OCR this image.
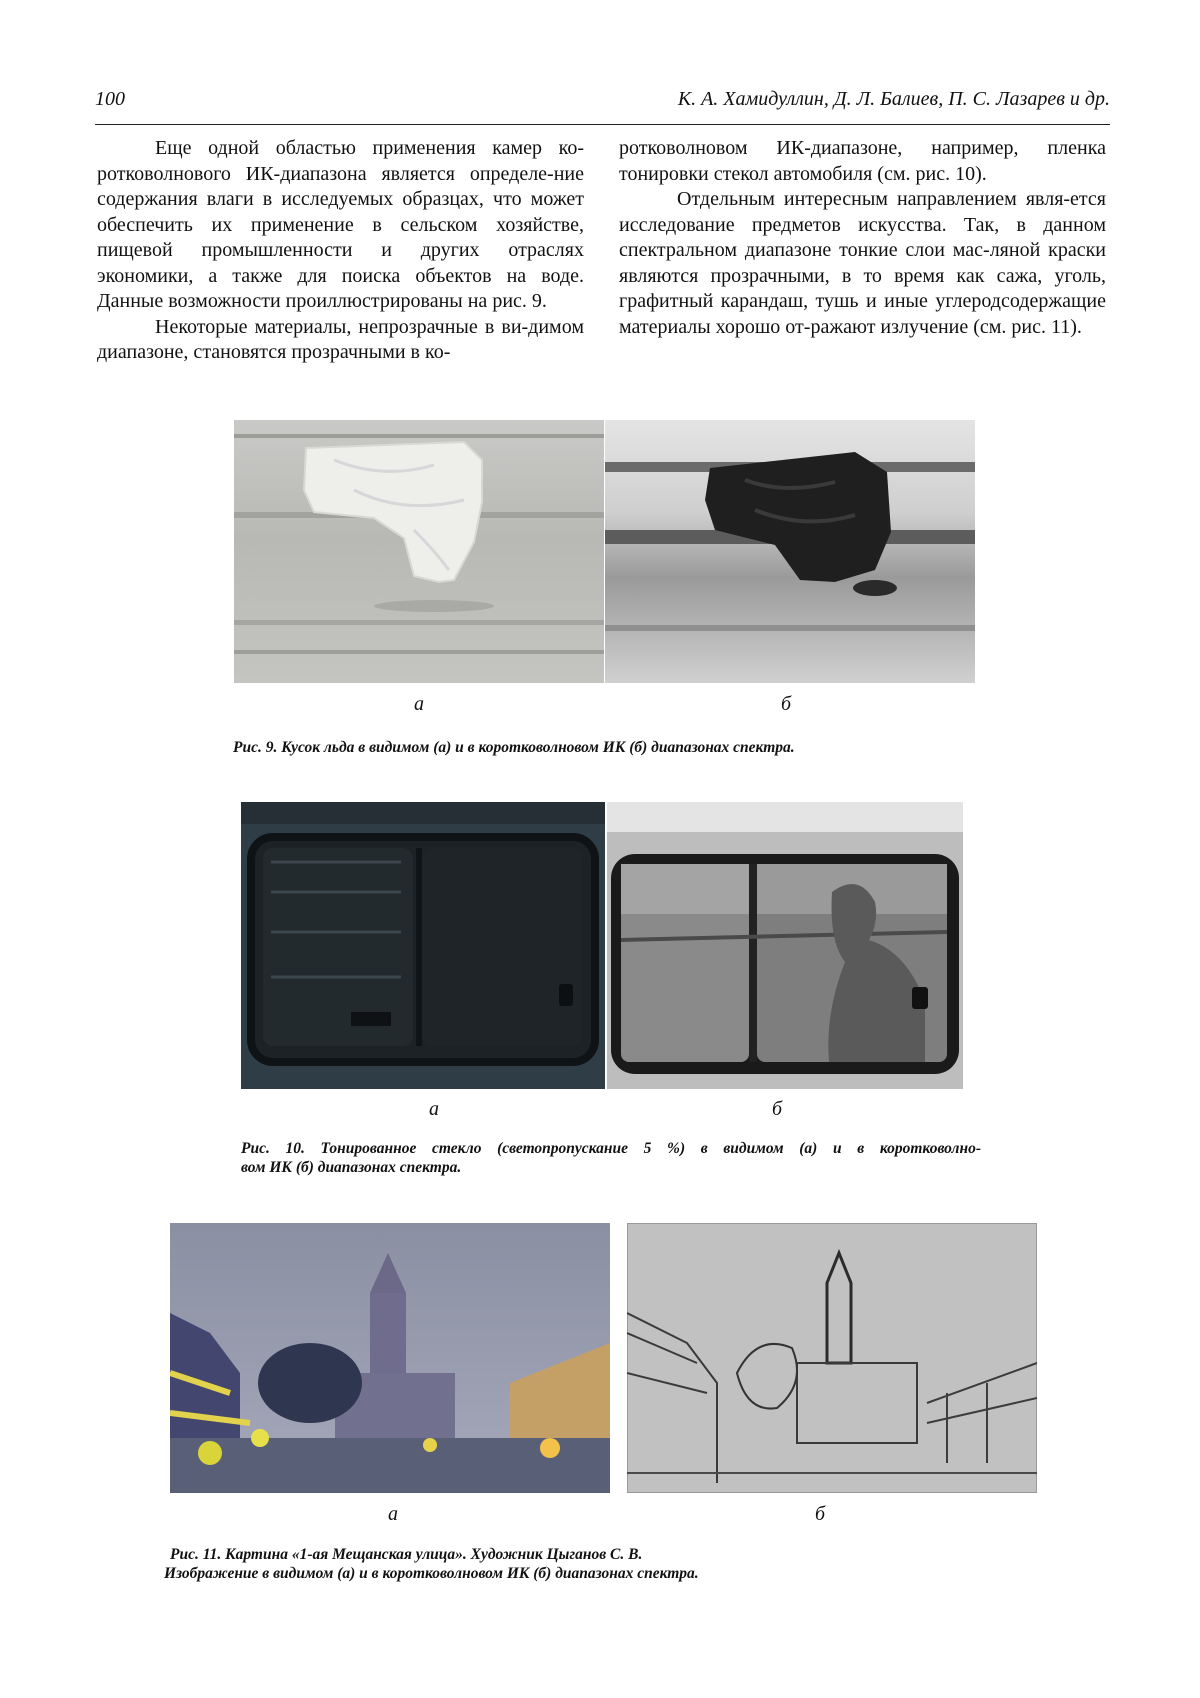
100	К. А. Хамидуллин, Д. Л. Балиев, П. С. Лазарев и др.

Еще одной областью применения камер ко-ротковолнового ИК-диапазона является определе-ние содержания влаги в исследуемых образцах, что может обеспечить их применение в сельском хозяйстве, пищевой промышленности и других отраслях экономики, а также для поиска объектов на воде. Данные возможности проиллюстрированы на рис. 9.

Некоторые материалы, непрозрачные в ви-димом диапазоне, становятся прозрачными в ко-

ротковолновом ИК-диапазоне, например, пленка тонировки стекол автомобиля (см. рис. 10).

Отдельным интересным направлением явля-ется исследование предметов искусства. Так, в данном спектральном диапазоне тонкие слои мас-ляной краски являются прозрачными, в то время как сажа, уголь, графитный карандаш, тушь и иные углеродсодержащие материалы хорошо от-ражают излучение (см. рис. 11).

а	б
Рис. 9. Кусок льда в видимом (а) и в коротковолновом ИК (б) диапазонах спектра.
а	б
Рис. 10. Тонированное стекло (светопропускание 5 %) в видимом (а) и в коротковолно-
вом ИК (б) диапазонах спектра.
а	б
Рис. 11. Картина «1-ая Мещанская улица». Художник Цыганов С. В.
Изображение в видимом (а) и в коротковолновом ИК (б) диапазонах спектра.
